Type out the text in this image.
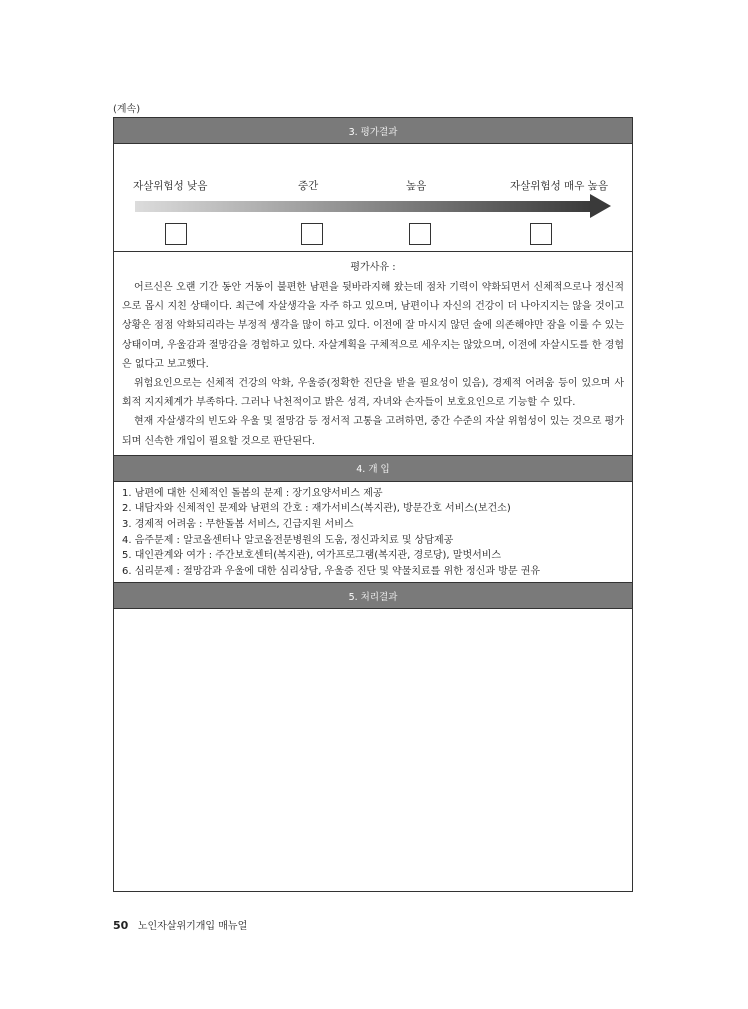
(계속)
3. 평가결과
자살위험성 낮음	중간	높음	자살위험성 매우 높음
평가사유 :

어르신은 오랜 기간 동안 거동이 불편한 남편을 뒷바라지해 왔는데 점차 기력이 약화되면서 신체적으로나 정신적으로 몹시 지친 상태이다. 최근에 자살생각을 자주 하고 있으며, 남편이나 자신의 건강이 더 나아지지는 않을 것이고 상황은 점점 악화되리라는 부정적 생각을 많이 하고 있다. 이전에 잘 마시지 않던 술에 의존해야만 잠을 이룰 수 있는 상태이며, 우울감과 절망감을 경험하고 있다. 자살계획을 구체적으로 세우지는 않았으며, 이전에 자살시도를 한 경험은 없다고 보고했다.

위험요인으로는 신체적 건강의 악화, 우울증(정확한 진단을 받을 필요성이 있음), 경제적 어려움 등이 있으며 사회적 지지체계가 부족하다. 그러나 낙천적이고 밝은 성격, 자녀와 손자들이 보호요인으로 기능할 수 있다.

현재 자살생각의 빈도와 우울 및 절망감 등 정서적 고통을 고려하면, 중간 수준의 자살 위험성이 있는 것으로 평가되며 신속한 개입이 필요할 것으로 판단된다.

4. 개 입
1. 남편에 대한 신체적인 돌봄의 문제 : 장기요양서비스 제공
2. 내담자와 신체적인 문제와 남편의 간호 : 재가서비스(복지관), 방문간호 서비스(보건소)
3. 경제적 어려움 : 무한돌봄 서비스, 긴급지원 서비스
4. 음주문제 : 알코올센터나 알코올전문병원의 도움, 정신과치료 및 상담제공
5. 대인관계와 여가 : 주간보호센터(복지관), 여가프로그램(복지관, 경로당), 말벗서비스
6. 심리문제 : 절망감과 우울에 대한 심리상담, 우울증 진단 및 약물치료를 위한 정신과 방문 권유
5. 처리결과
50 노인자살위기개입 매뉴얼
